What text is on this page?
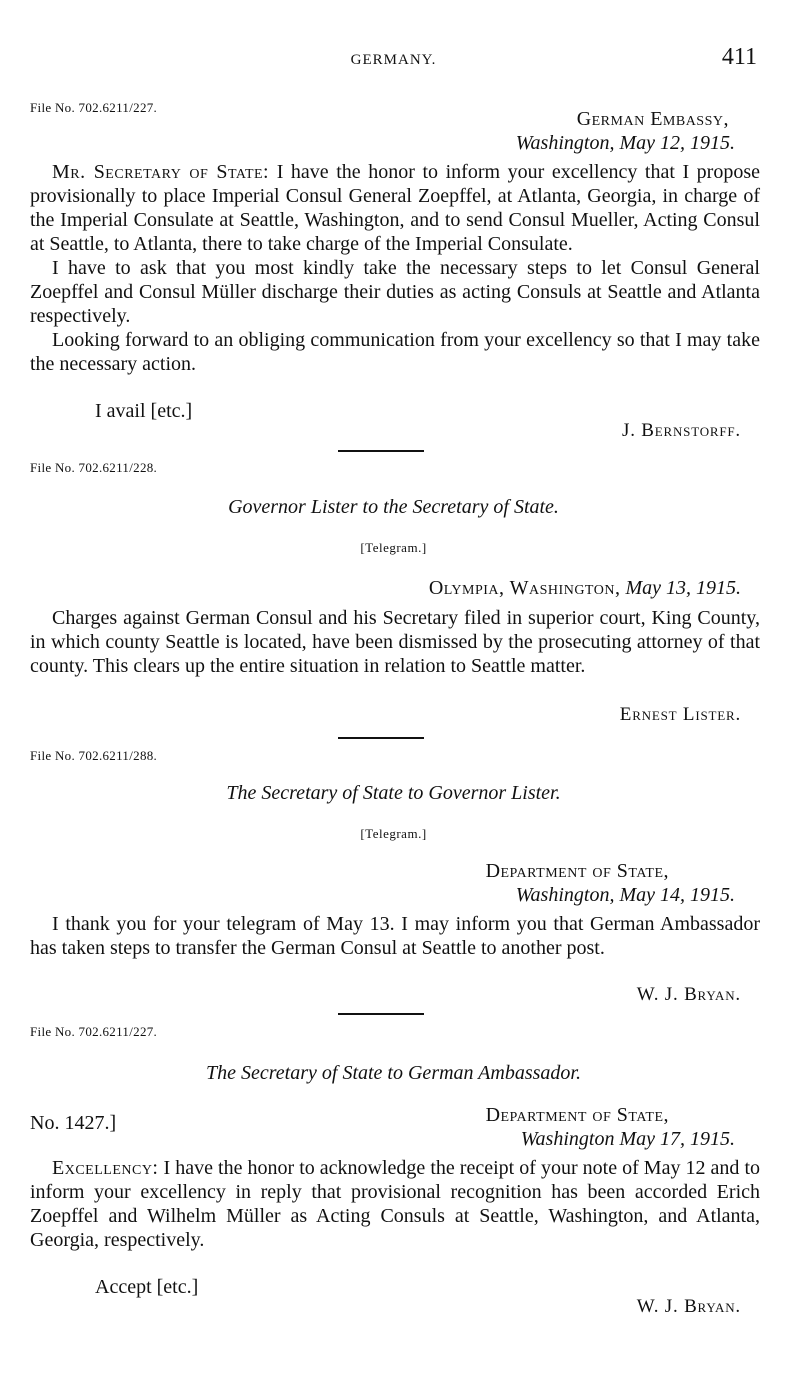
GERMANY.	411
File No. 702.6211/227.
German Embassy,
Washington, May 12, 1915.

Mr. Secretary of State: I have the honor to inform your excellency that I propose provisionally to place Imperial Consul General Zoepffel, at Atlanta, Georgia, in charge of the Imperial Consulate at Seattle, Washington, and to send Consul Mueller, Acting Consul at Seattle, to Atlanta, there to take charge of the Imperial Consulate.

I have to ask that you most kindly take the necessary steps to let Consul General Zoepffel and Consul Müller discharge their duties as acting Consuls at Seattle and Atlanta respectively.

Looking forward to an obliging communication from your excellency so that I may take the necessary action.

I avail [etc.]
J. Bernstorff.
File No. 702.6211/228.
Governor Lister to the Secretary of State.
[Telegram.]
Olympia, Washington, May 13, 1915.

Charges against German Consul and his Secretary filed in superior court, King County, in which county Seattle is located, have been dismissed by the prosecuting attorney of that county. This clears up the entire situation in relation to Seattle matter.

Ernest Lister.
File No. 702.6211/288.
The Secretary of State to Governor Lister.
[Telegram.]
Department of State,
Washington, May 14, 1915.

I thank you for your telegram of May 13. I may inform you that German Ambassador has taken steps to transfer the German Consul at Seattle to another post.

W. J. Bryan.
File No. 702.6211/227.
The Secretary of State to German Ambassador.
No. 1427.]	Department of State,
Washington May 17, 1915.

Excellency: I have the honor to acknowledge the receipt of your note of May 12 and to inform your excellency in reply that provisional recognition has been accorded Erich Zoepffel and Wilhelm Müller as Acting Consuls at Seattle, Washington, and Atlanta, Georgia, respectively.

Accept [etc.]
W. J. Bryan.
